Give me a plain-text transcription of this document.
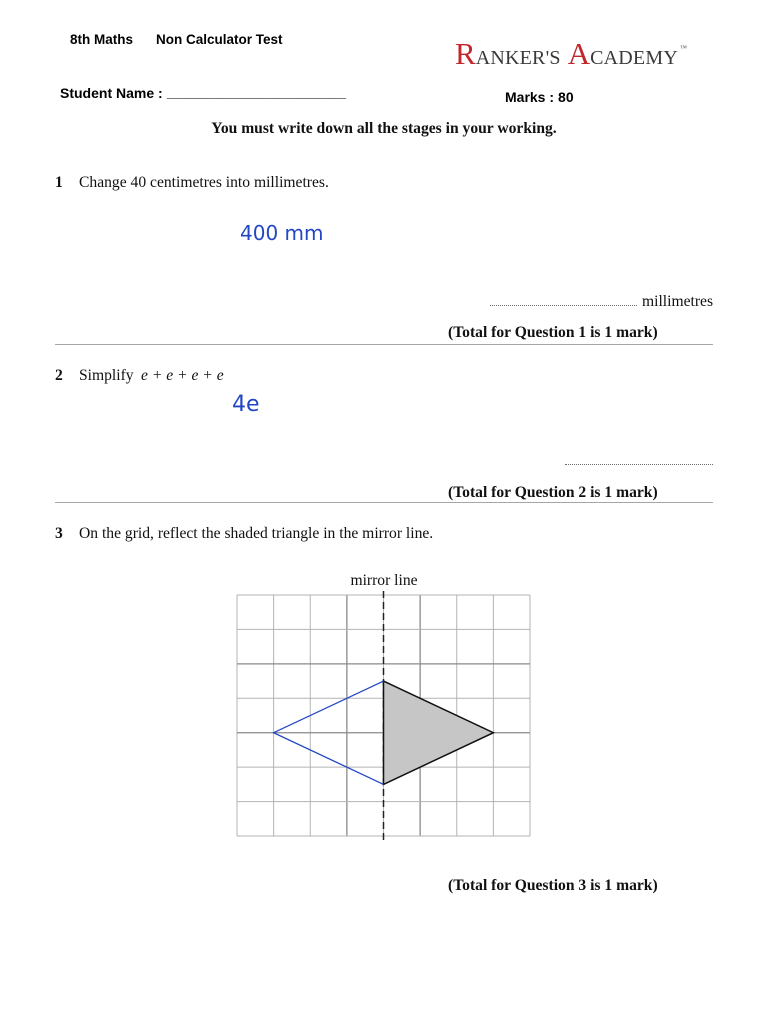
8th Maths Non Calculator Test	R ANKER'S A CADEMY ™
Student Name : _______________________	Marks : 80
You must write down all the stages in your working.
1 Change 40 centimetres into millimetres.
400 mm
millimetres
(Total for Question 1 is 1 mark)
2 Simplify e + e + e + e
4e
(Total for Question 2 is 1 mark)
3 On the grid, reflect the shaded triangle in the mirror line.
mirror line
(Total for Question 3 is 1 mark)
